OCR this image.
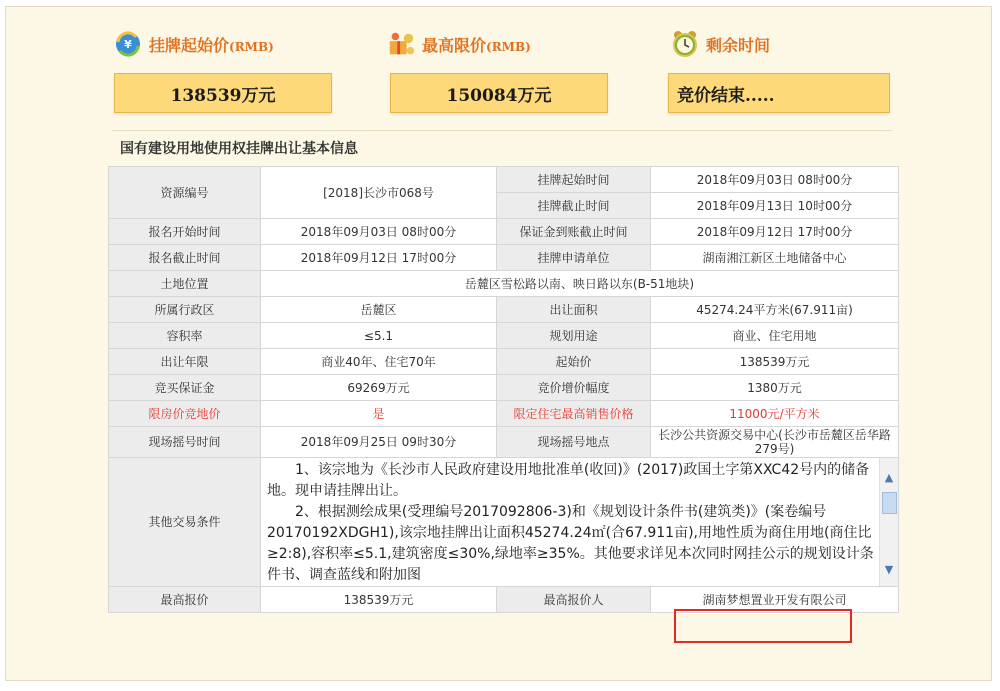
¥ 挂牌起始价(RMB)	最高限价(RMB)	剩余时间
138539万元	150084万元	竞价结束.....
国有建设用地使用权挂牌出让基本信息
资源编号	[2018]长沙市068号	挂牌起始时间	2018年09月03日 08时00分
		挂牌截止时间	2018年09月13日 10时00分
报名开始时间	2018年09月03日 08时00分	保证金到账截止时间	2018年09月12日 17时00分
报名截止时间	2018年09月12日 17时00分	挂牌申请单位	湖南湘江新区土地储备中心
土地位置	岳麓区雪松路以南、映日路以东(B-51地块)		
所属行政区	岳麓区	出让面积	45274.24平方米(67.911亩)
容积率	≤5.1	规划用途	商业、住宅用地
出让年限	商业40年、住宅70年	起始价	138539万元
竞买保证金	69269万元	竞价增价幅度	1380万元
限房价竞地价	是	限定住宅最高销售价格	11000元/平方米
现场摇号时间	2018年09月25日 09时30分	现场摇号地点	长沙公共资源交易中心(长沙市岳麓区岳华路279号)
其他交易条件	1、该宗地为《长沙市人民政府建设用地批准单(收回)》(2017)政国土字第XXC42号内的储备地。现申请挂牌出让。

2、根据测绘成果(受理编号2017092806-3)和《规划设计条件书(建筑类)》(案卷编号20170192XDGH1),该宗地挂牌出让面积45274.24㎡(合67.911亩),用地性质为商住用地(商住比≥2:8),容积率≤5.1,建筑密度≤30%,绿地率≥35%。其他要求详见本次同时网挂公示的规划设计条件书、调查蓝线和附加图

▲
▼		

最高报价	138539万元	最高报价人	湖南梦想置业开发有限公司
